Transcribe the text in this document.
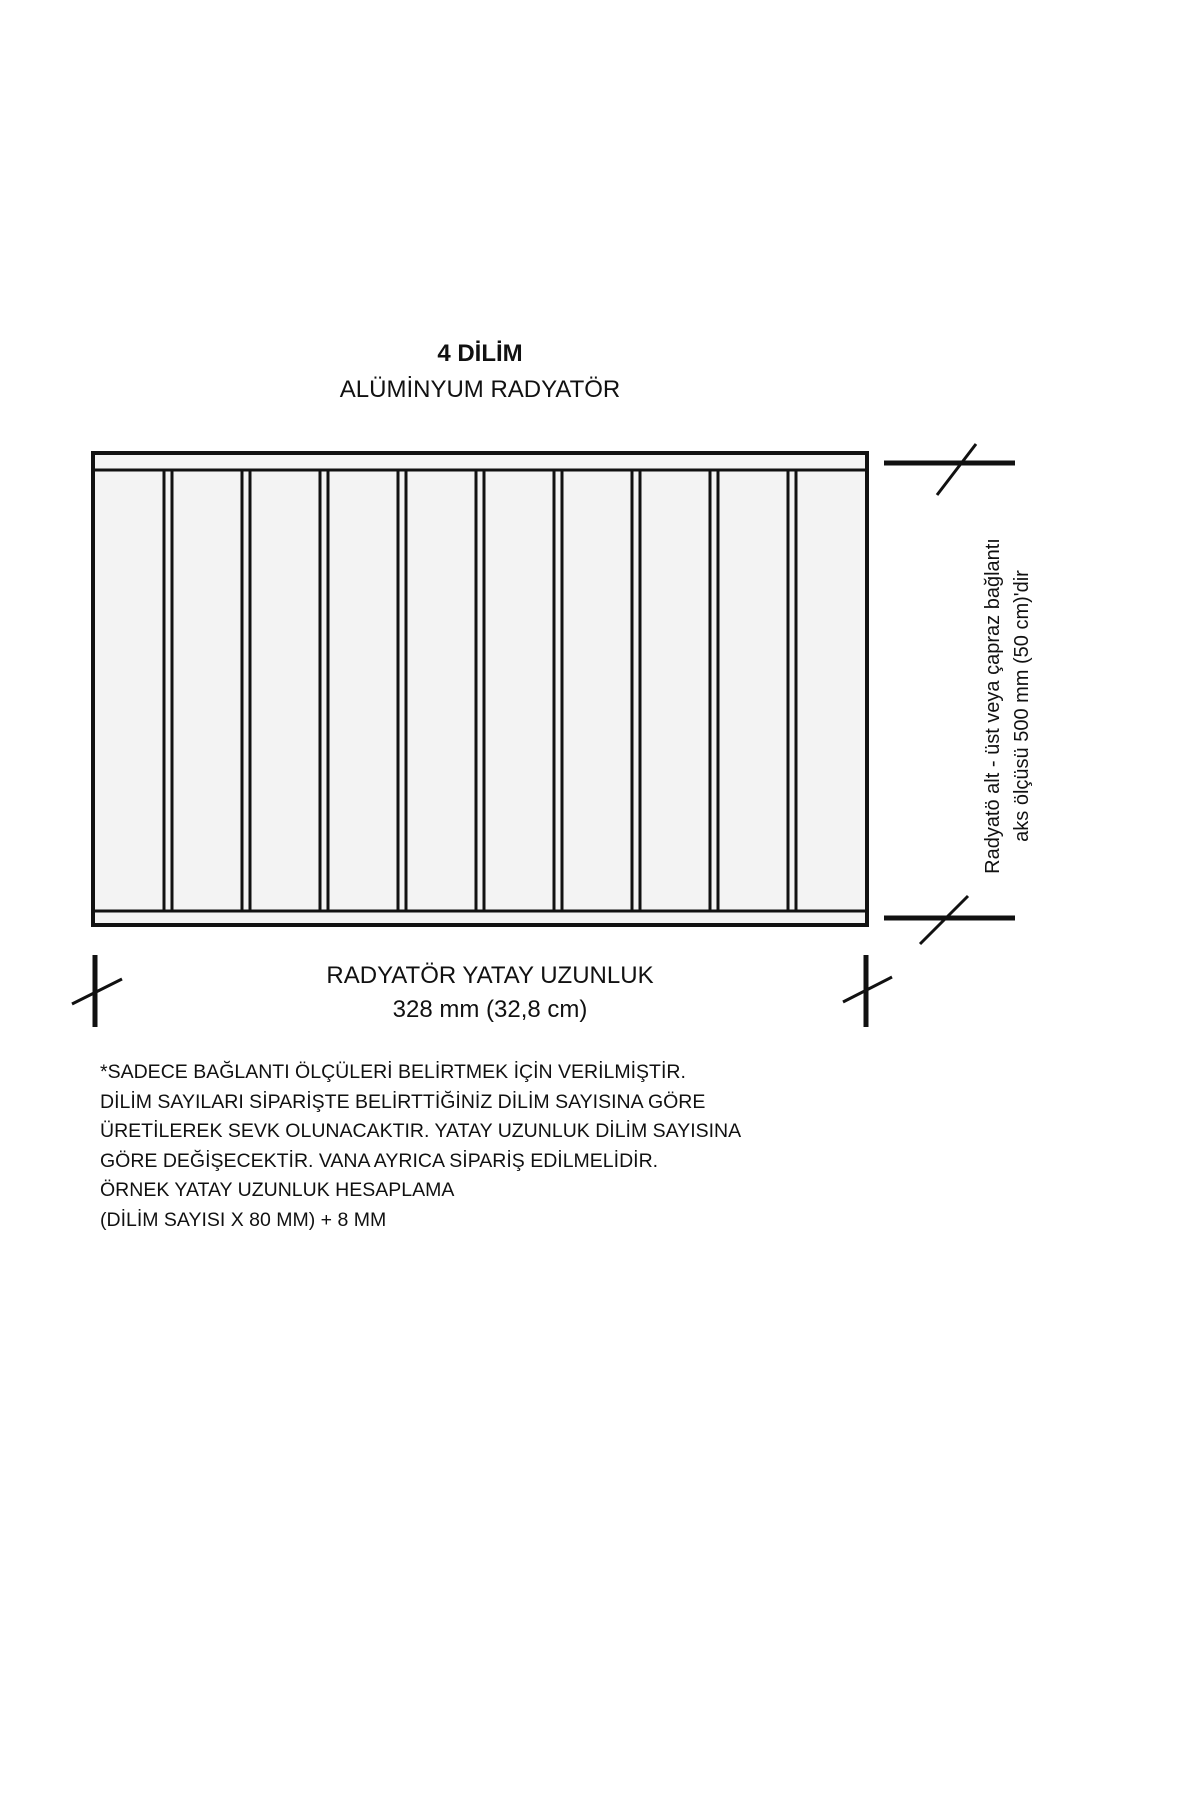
4 DİLİM
ALÜMİNYUM RADYATÖR
Radyatö alt - üst veya çapraz bağlantı aks ölçüsü 500 mm (50 cm)'dir
RADYATÖR YATAY UZUNLUK
328 mm (32,8 cm)
*SADECE BAĞLANTI ÖLÇÜLERİ BELİRTMEK İÇİN VERİLMİŞTİR.
DİLİM SAYILARI SİPARİŞTE BELİRTTİĞİNİZ DİLİM SAYISINA GÖRE
ÜRETİLEREK SEVK OLUNACAKTIR. YATAY UZUNLUK DİLİM SAYISINA
GÖRE DEĞİŞECEKTİR. VANA AYRICA SİPARİŞ EDİLMELİDİR.
ÖRNEK YATAY UZUNLUK HESAPLAMA
(DİLİM SAYISI X 80 MM) + 8 MM
